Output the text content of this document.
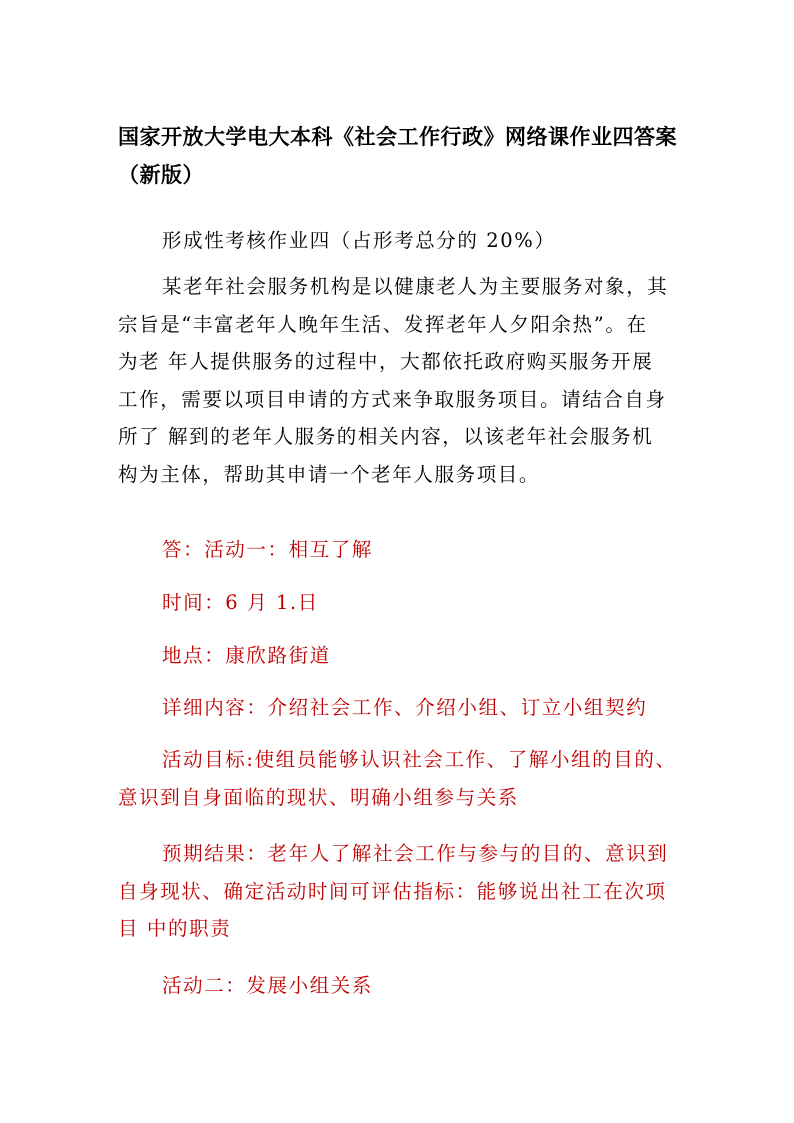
国家开放大学电大本科《社会工作行政》网络课作业四答案（新版）

形成性考核作业四（占形考总分的 20%）

某老年社会服务机构是以健康老人为主要服务对象，其
宗旨是“丰富老年人晚年生活、发挥老年人夕阳余热”。在
为老 年人提供服务的过程中，大都依托政府购买服务开展
工作，需要以项目申请的方式来争取服务项目。请结合自身
所了 解到的老年人服务的相关内容，以该老年社会服务机
构为主体，帮助其申请一个老年人服务项目。

答：活动一：相互了解

时间：6 月 1.日

地点：康欣路街道

详细内容：介绍社会工作、介绍小组、订立小组契约

活动目标:使组员能够认识社会工作、了解小组的目的、
意识到自身面临的现状、明确小组参与关系
预期结果：老年人了解社会工作与参与的目的、意识到
自身现状、确定活动时间可评估指标：能够说出社工在次项
目 中的职责

活动二：发展小组关系
